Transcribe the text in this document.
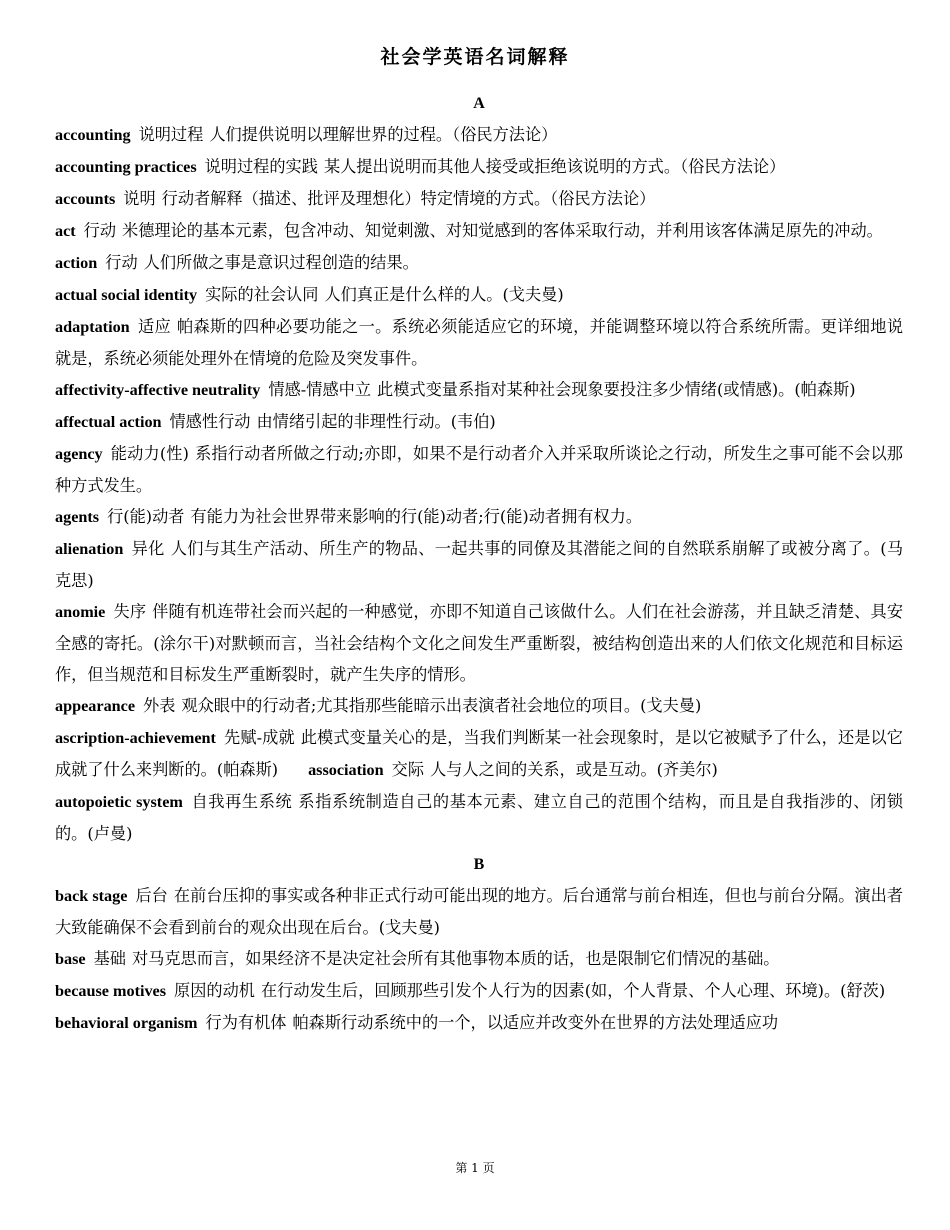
社会学英语名词解释
A
accounting 说明过程 人们提供说明以理解世界的过程。（俗民方法论）
accounting practices 说明过程的实践 某人提出说明而其他人接受或拒绝该说明的方式。（俗民方法论）
accounts 说明 行动者解释（描述、批评及理想化）特定情境的方式。（俗民方法论）
act 行动 米德理论的基本元素，包含冲动、知觉刺激、对知觉感到的客体采取行动，并利用该客体满足原先的冲动。
action 行动 人们所做之事是意识过程创造的结果。
actual social identity 实际的社会认同 人们真正是什么样的人。(戈夫曼)
adaptation 适应 帕森斯的四种必要功能之一。系统必须能适应它的环境，并能调整环境以符合系统所需。更详细地说就是，系统必须能处理外在情境的危险及突发事件。
affectivity-affective neutrality 情感-情感中立 此模式变量系指对某种社会现象要投注多少情绪(或情感)。(帕森斯)
affectual action 情感性行动 由情绪引起的非理性行动。(韦伯)
agency 能动力(性) 系指行动者所做之行动;亦即，如果不是行动者介入并采取所谈论之行动，所发生之事可能不会以那种方式发生。
agents 行(能)动者 有能力为社会世界带来影响的行(能)动者;行(能)动者拥有权力。
alienation 异化 人们与其生产活动、所生产的物品、一起共事的同僚及其潜能之间的自然联系崩解了或被分离了。(马克思)
anomie 失序 伴随有机连带社会而兴起的一种感觉，亦即不知道自己该做什么。人们在社会游荡，并且缺乏清楚、具安全感的寄托。(涂尔干)对默顿而言，当社会结构个文化之间发生严重断裂，被结构创造出来的人们依文化规范和目标运作，但当规范和目标发生严重断裂时，就产生失序的情形。
appearance 外表 观众眼中的行动者;尤其指那些能暗示出表演者社会地位的项目。(戈夫曼)
ascription-achievement 先赋-成就 此模式变量关心的是，当我们判断某一社会现象时，是以它被赋予了什么，还是以它成就了什么来判断的。(帕森斯) association 交际 人与人之间的关系，或是互动。(齐美尔)
autopoietic system 自我再生系统 系指系统制造自己的基本元素、建立自己的范围个结构，而且是自我指涉的、闭锁的。(卢曼)
B
back stage 后台 在前台压抑的事实或各种非正式行动可能出现的地方。后台通常与前台相连，但也与前台分隔。演出者大致能确保不会看到前台的观众出现在后台。(戈夫曼)
base 基础 对马克思而言，如果经济不是决定社会所有其他事物本质的话，也是限制它们情况的基础。
because motives 原因的动机 在行动发生后，回顾那些引发个人行为的因素(如，个人背景、个人心理、环境)。(舒茨)
behavioral organism 行为有机体 帕森斯行动系统中的一个，以适应并改变外在世界的方法处理适应功
第 1 页
